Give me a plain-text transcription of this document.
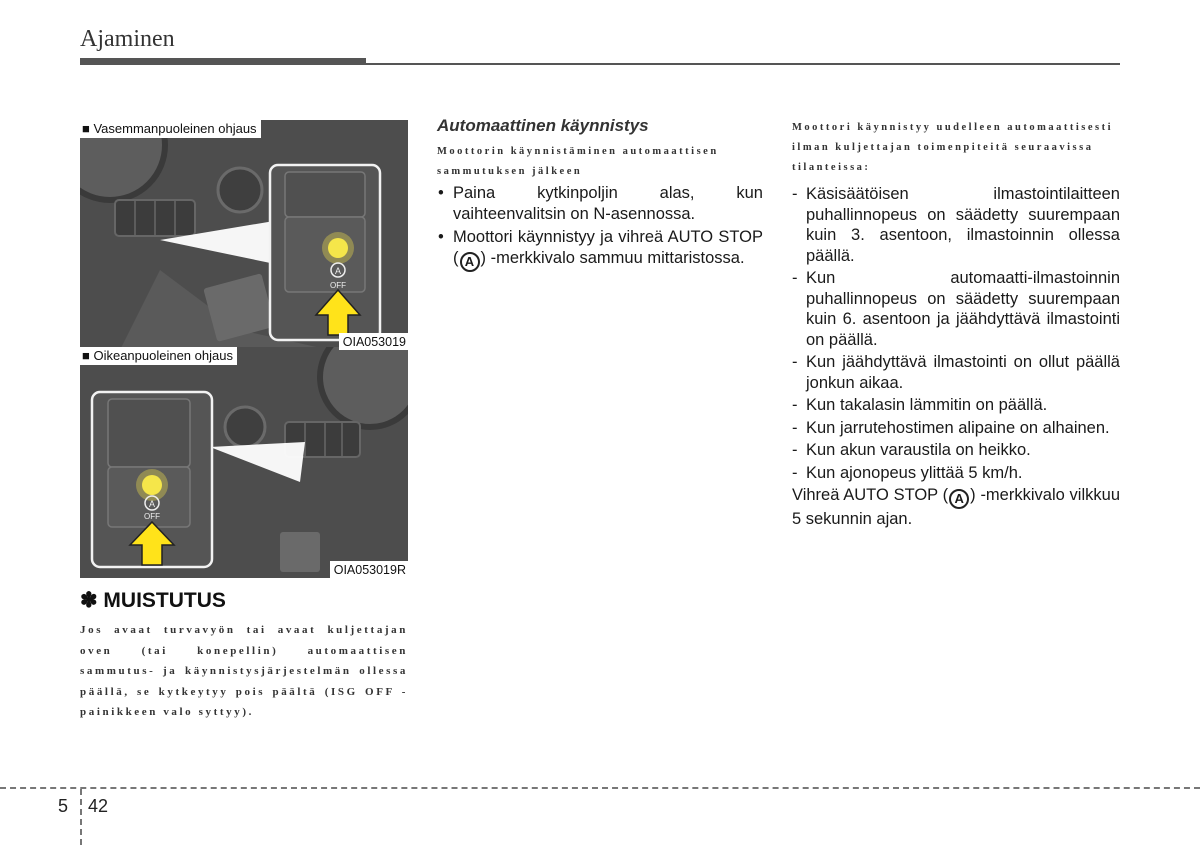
Ajaminen
A
OFF
■ Vasemmanpuoleinen ohjaus
OIA053019
A
OFF
■ Oikeanpuoleinen ohjaus
OIA053019R
✽ MUISTUTUS
Jos avaat turvavyön tai avaat kuljettajan oven (tai konepellin) automaattisen sammutus- ja käynnistysjärjestelmän ollessa päällä, se kytkeytyy pois päältä (ISG OFF -painikkeen valo syttyy).
Automaattinen käynnistys
Moottorin käynnistäminen automaattisen sammutuksen jälkeen
• Paina kytkinpoljin alas, kun vaihteenvalitsin on N-asennossa.
• Moottori käynnistyy ja vihreä AUTO STOP ( A ) -merkkivalo sammuu mittaristossa.
Moottori käynnistyy uudelleen automaattisesti ilman kuljettajan toimenpiteitä seuraavissa tilanteissa:
- Käsisäätöisen ilmastointilaitteen puhallinnopeus on säädetty suurempaan kuin 3. asentoon, ilmastoinnin ollessa päällä.
- Kun automaatti-ilmastoinnin puhallinnopeus on säädetty suurempaan kuin 6. asentoon ja jäähdyttävä ilmastointi on päällä.
- Kun jäähdyttävä ilmastointi on ollut päällä jonkun aikaa.
- Kun takalasin lämmitin on päällä.
- Kun jarrutehostimen alipaine on alhainen.
- Kun akun varaustila on heikko.
- Kun ajonopeus ylittää 5 km/h.
Vihreä AUTO STOP ( A ) -merkkivalo vilkkuu 5 sekunnin ajan.
5 42
